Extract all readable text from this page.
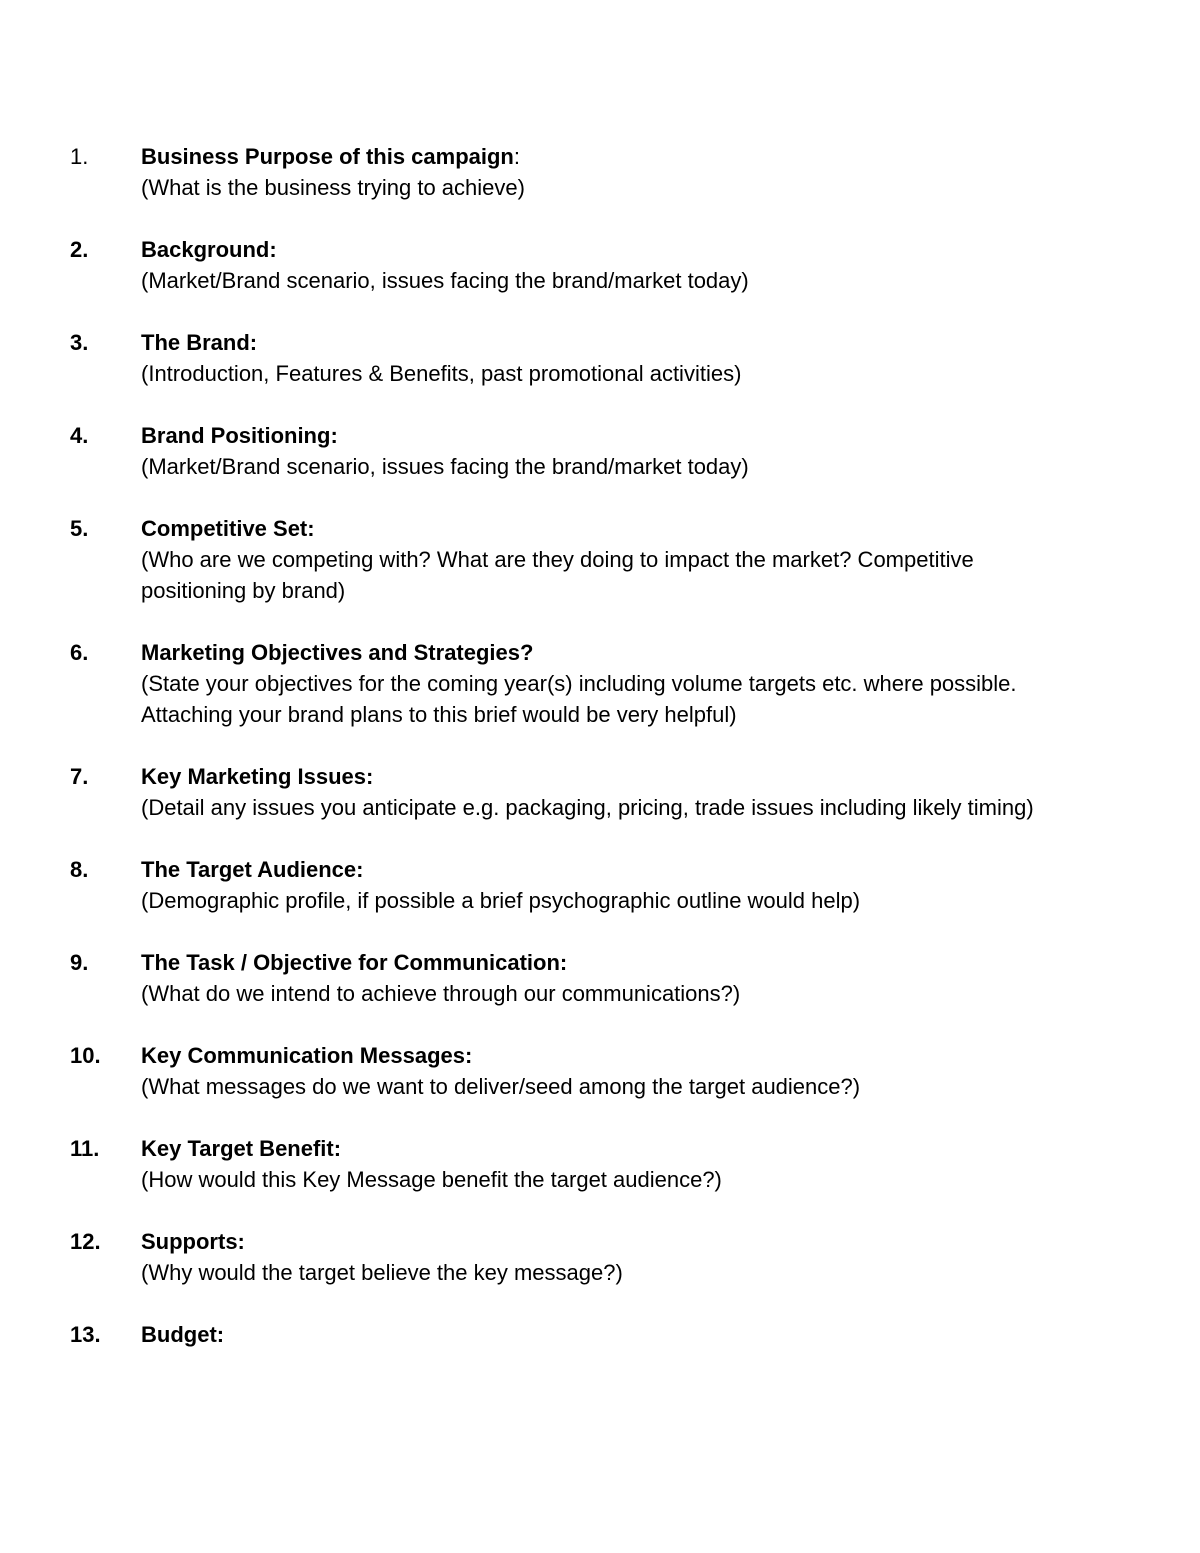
1.	Business Purpose of this campaign:
(What is the business trying to achieve)
2.	Background:
(Market/Brand scenario, issues facing the brand/market today)
3.	The Brand:
(Introduction, Features & Benefits, past promotional activities)
4.	Brand Positioning:
(Market/Brand scenario, issues facing the brand/market today)
5.	Competitive Set:
(Who are we competing with? What are they doing to impact the market? Competitive positioning by brand)
6.	Marketing Objectives and Strategies?
(State your objectives for the coming year(s) including volume targets etc. where possible. Attaching your brand plans to this brief would be very helpful)
7.	Key Marketing Issues:
(Detail any issues you anticipate e.g. packaging, pricing, trade issues including likely timing)
8.	The Target Audience:
(Demographic profile, if possible a brief psychographic outline would help)
9.	The Task / Objective for Communication:
(What do we intend to achieve through our communications?)
10.	Key Communication Messages:
(What messages do we want to deliver/seed among the target audience?)
11.	Key Target Benefit:
(How would this Key Message benefit the target audience?)
12.	Supports:
(Why would the target believe the key message?)
13.	Budget:
